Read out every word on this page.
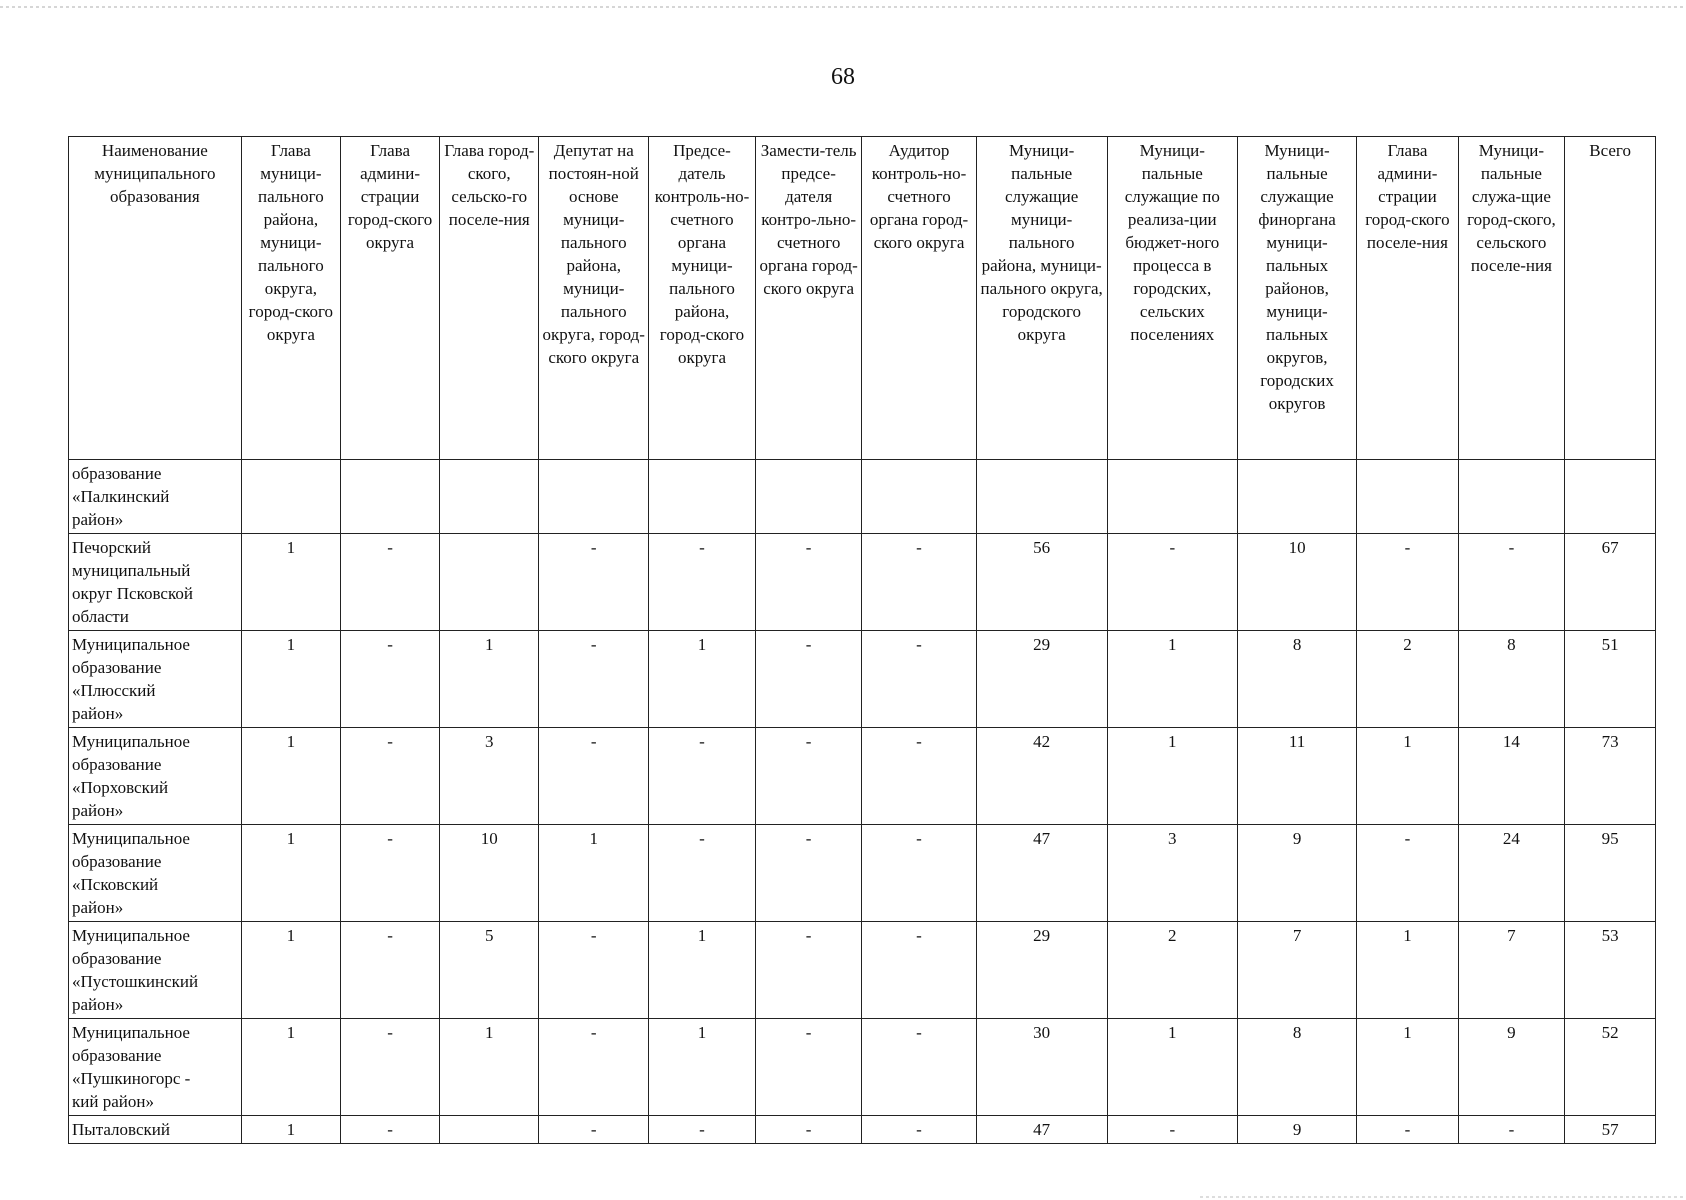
68
Наименование муниципального образования	Глава муници-пального района, муници-пального округа, город-ского округа	Глава админи-страции город-ского округа	Глава город-ского, сельско-го поселе-ния	Депутат на постоян-ной основе муници-пального района, муници-пального округа, город-ского округа	Предсе-датель контроль-но-счетного органа муници-пального района, город-ского округа	Замести-тель предсе-дателя контро-льно-счетного органа город-ского округа	Аудитор контроль-но-счетного органа город-ского округа	Муници-пальные служащие муници-пального района, муници-пального округа, городского округа	Муници-пальные служащие по реализа-ции бюджет-ного процесса в городских, сельских поселениях	Муници-пальные служащие финоргана муници-пальных районов, муници-пальных округов, городских округов	Глава админи-страции город-ского поселе-ния	Муници-пальные служа-щие город-ского, сельского поселе-ния	Всего
образование
«Палкинский
район»													
Печорский
муниципальный
округ Псковской
области	1	-		-	-	-	-	56	-	10	-	-	67
Муниципальное
образование
«Плюсский
район»	1	-	1	-	1	-	-	29	1	8	2	8	51
Муниципальное
образование
«Порховский
район»	1	-	3	-	-	-	-	42	1	11	1	14	73
Муниципальное
образование
«Псковский
район»	1	-	10	1	-	-	-	47	3	9	-	24	95
Муниципальное
образование
«Пустошкинский
район»	1	-	5	-	1	-	-	29	2	7	1	7	53
Муниципальное
образование
«Пушкиногорс -
кий район»	1	-	1	-	1	-	-	30	1	8	1	9	52
Пыталовский	1	-		-	-	-	-	47	-	9	-	-	57
